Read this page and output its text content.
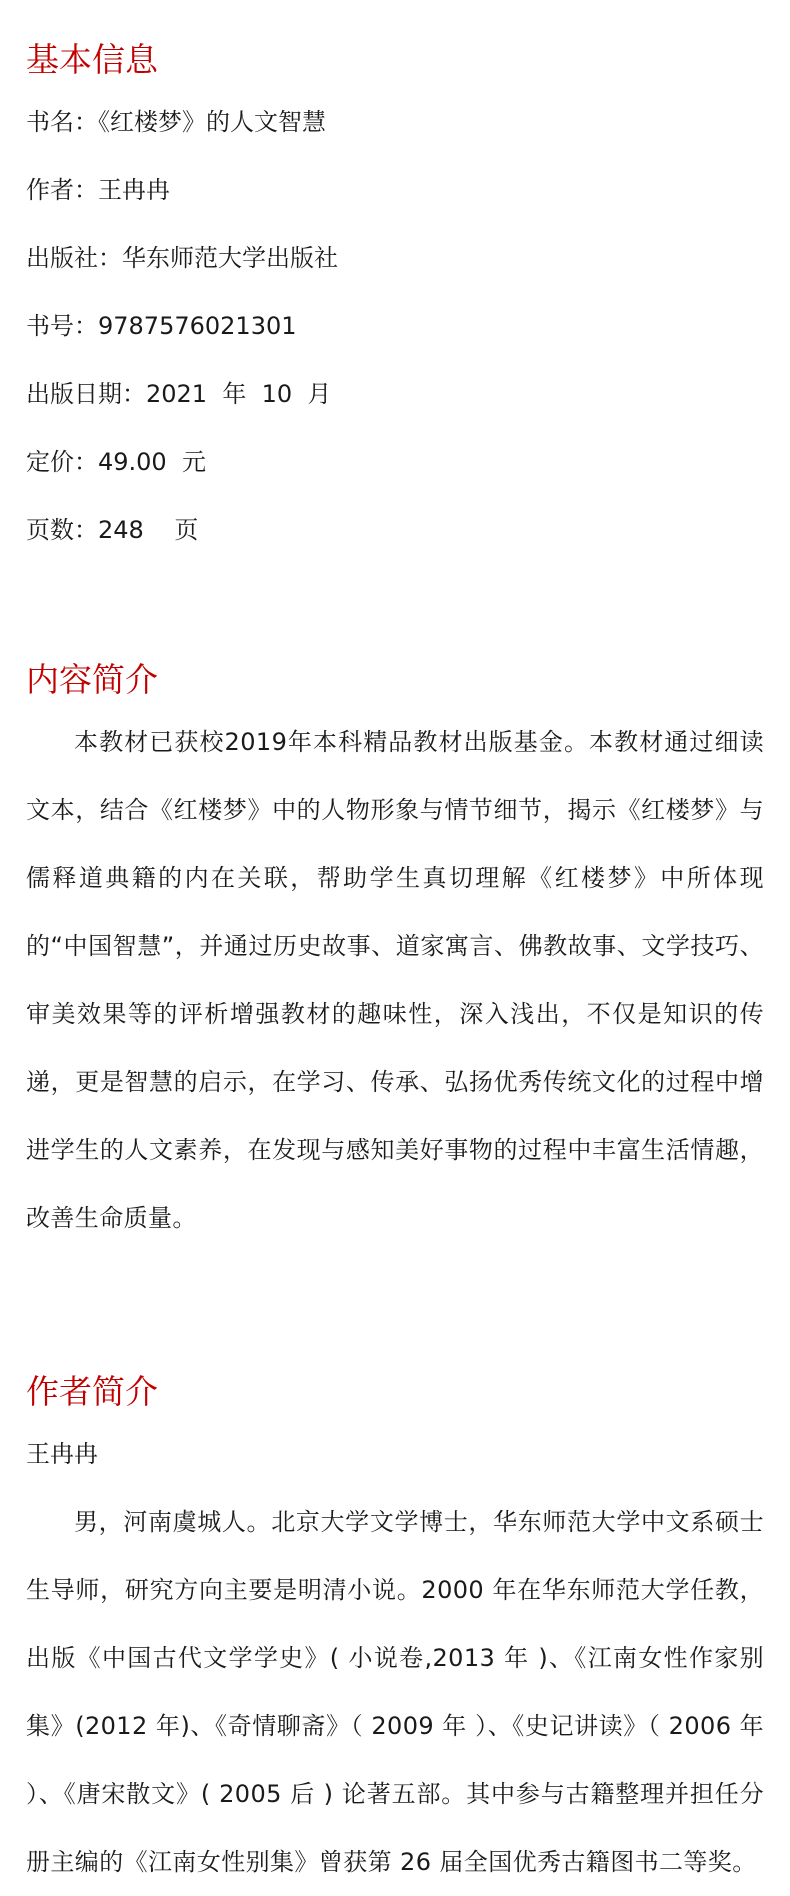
基本信息

书名：《红楼梦》的人文智慧

作者：王冉冉

出版社：华东师范大学出版社

书号：9787576021301

出版日期：2021  年  10  月

定价：49.00  元

页数：248    页

内容简介

本教材已获校2019年本科精品教材出版基金。本教材通过细读文本，结合《红楼梦》中的人物形象与情节细节，揭示《红楼梦》与儒释道典籍的内在关联，帮助学生真切理解《红楼梦》中所体现的“中国智慧”，并通过历史故事、道家寓言、佛教故事、文学技巧、审美效果等的评析增强教材的趣味性，深入浅出，不仅是知识的传递，更是智慧的启示，在学习、传承、弘扬优秀传统文化的过程中增进学生的人文素养，在发现与感知美好事物的过程中丰富生活情趣，改善生命质量。

作者简介

王冉冉

男，河南虞城人。北京大学文学博士，华东师范大学中文系硕士生导师，研究方向主要是明清小说。2000 年在华东师范大学任教，出版《中国古代文学学史》( 小说卷,2013 年 )、《江南女性作家别集》(2012 年)、《奇情聊斋》（ 2009 年 ）、《史记讲读》（ 2006 年 ）、《唐宋散文》( 2005 后 ) 论著五部。其中参与古籍整理并担任分册主编的《江南女性别集》曾获第 26 届全国优秀古籍图书二等奖。
